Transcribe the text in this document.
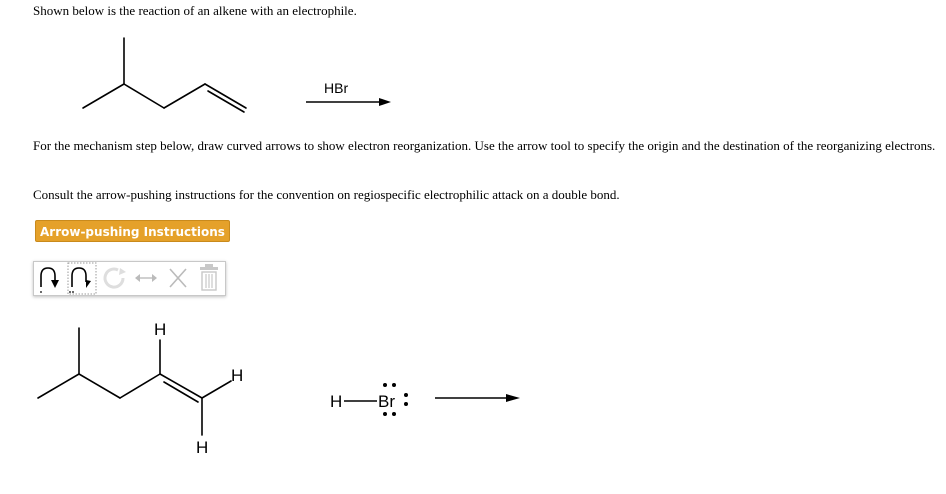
Shown below is the reaction of an alkene with an electrophile.
HBr
For the mechanism step below, draw curved arrows to show electron reorganization. Use the arrow tool to specify the origin and the destination of the reorganizing electrons.
Consult the arrow-pushing instructions for the convention on regiospecific electrophilic attack on a double bond.
Arrow-pushing Instructions
H
H
H
H Br
